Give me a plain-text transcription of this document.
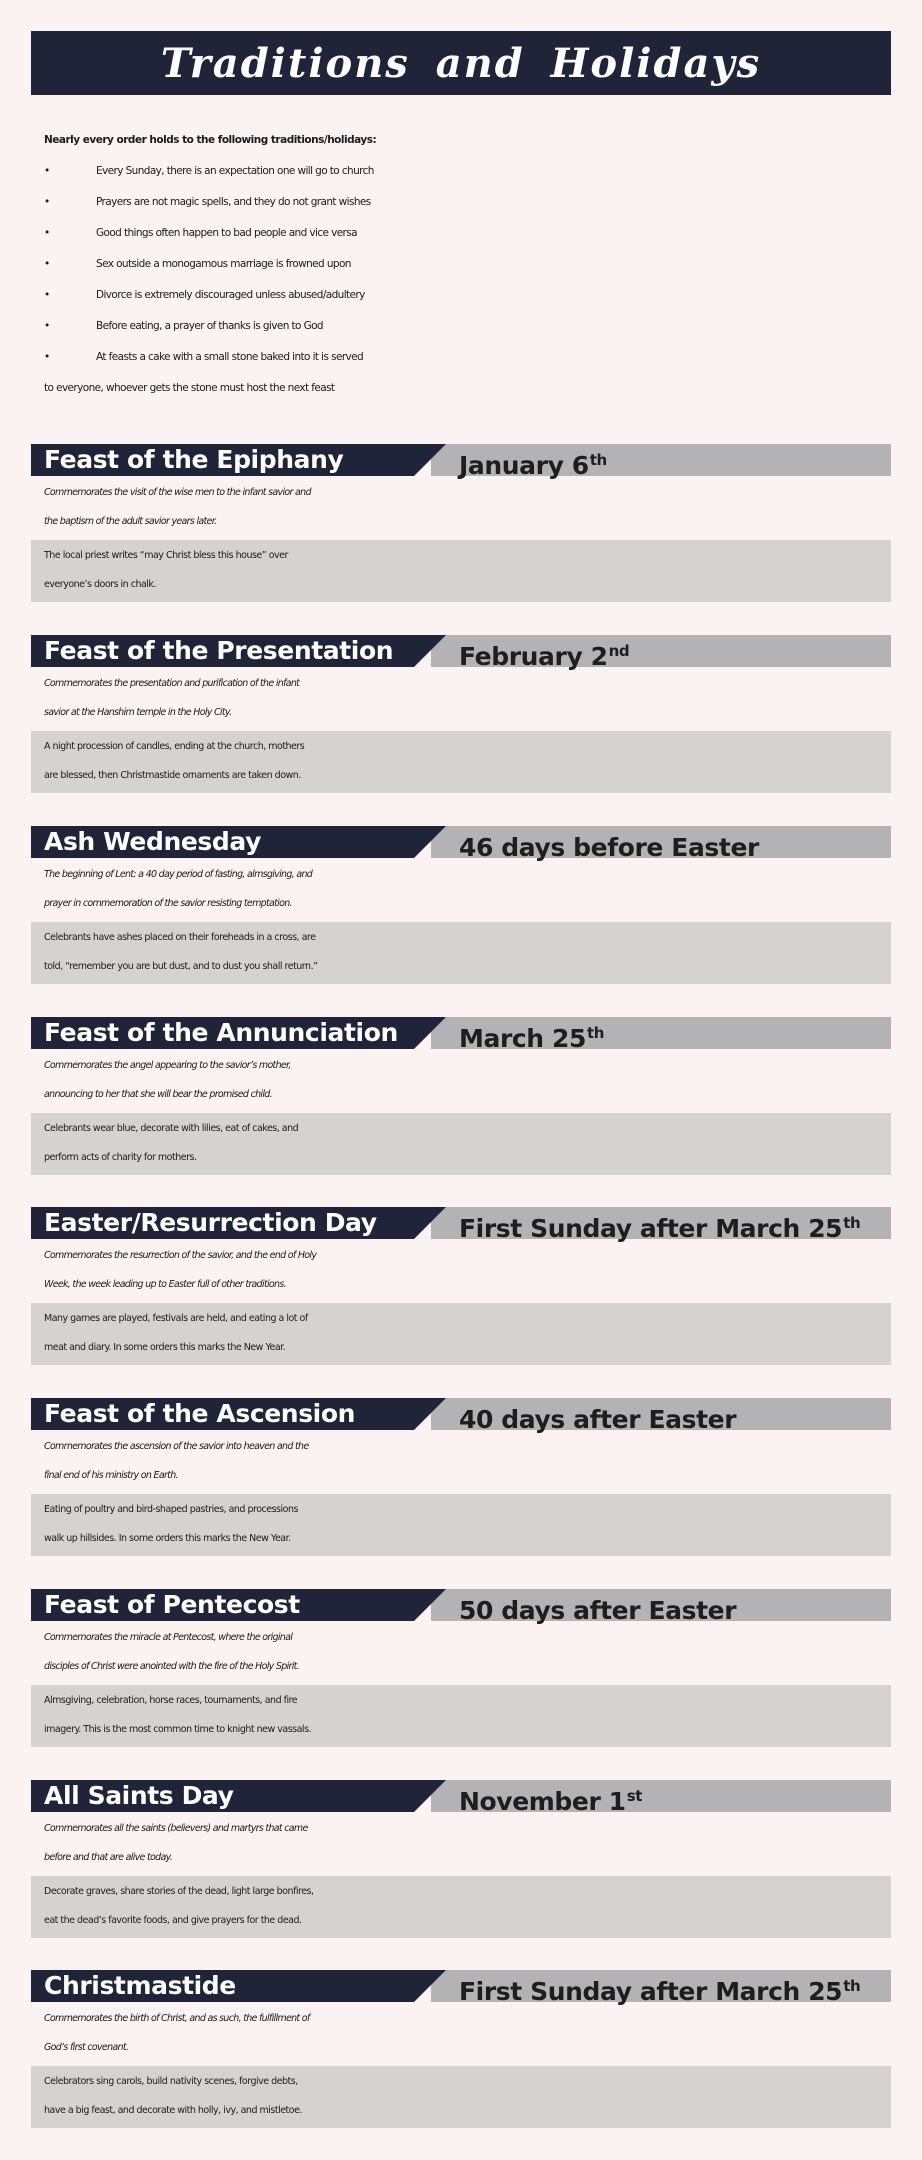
Traditions and Holidays
Nearly every order holds to the following traditions/holidays:
•	Every Sunday, there is an expectation one will go to church
•	Prayers are not magic spells, and they do not grant wishes
•	Good things often happen to bad people and vice versa
•	Sex outside a monogamous marriage is frowned upon
•	Divorce is extremely discouraged unless abused/adultery
•	Before eating, a prayer of thanks is given to God
•	At feasts a cake with a small stone baked into it is served
to everyone, whoever gets the stone must host the next feast
Feast of the Epiphany	January 6th
Commemorates the visit of the wise men to the infant savior and
the baptism of the adult savior years later.
The local priest writes “may Christ bless this house” over
everyone’s doors in chalk.
Feast of the Presentation	February 2nd
Commemorates the presentation and purification of the infant
savior at the Hanshim temple in the Holy City.
A night procession of candles, ending at the church, mothers
are blessed, then Christmastide ornaments are taken down.
Ash Wednesday	46 days before Easter
The beginning of Lent: a 40 day period of fasting, almsgiving, and
prayer in commemoration of the savior resisting temptation.
Celebrants have ashes placed on their foreheads in a cross, are
told, “remember you are but dust, and to dust you shall return.”
Feast of the Annunciation March 25th
Commemorates the angel appearing to the savior’s mother,
announcing to her that she will bear the promised child.
Celebrants wear blue, decorate with lilies, eat of cakes, and
perform acts of charity for mothers.
Easter/Resurrection Day	First Sunday after March 25th
Commemorates the resurrection of the savior, and the end of Holy
Week, the week leading up to Easter full of other traditions.
Many games are played, festivals are held, and eating a lot of
meat and diary. In some orders this marks the New Year.
Feast of the Ascension	40 days after Easter
Commemorates the ascension of the savior into heaven and the
final end of his ministry on Earth.
Eating of poultry and bird-shaped pastries, and processions
walk up hillsides. In some orders this marks the New Year.
Feast of Pentecost	50 days after Easter
Commemorates the miracle at Pentecost, where the original
disciples of Christ were anointed with the fire of the Holy Spirit.
Almsgiving, celebration, horse races, tournaments, and fire
imagery. This is the most common time to knight new vassals.
All Saints Day	November 1st
Commemorates all the saints (believers) and martyrs that came
before and that are alive today.
Decorate graves, share stories of the dead, light large bonfires,
eat the dead’s favorite foods, and give prayers for the dead.
Christmastide	First Sunday after March 25th
Commemorates the birth of Christ, and as such, the fulfillment of
God’s first covenant.
Celebrators sing carols, build nativity scenes, forgive debts,
have a big feast, and decorate with holly, ivy, and mistletoe.
